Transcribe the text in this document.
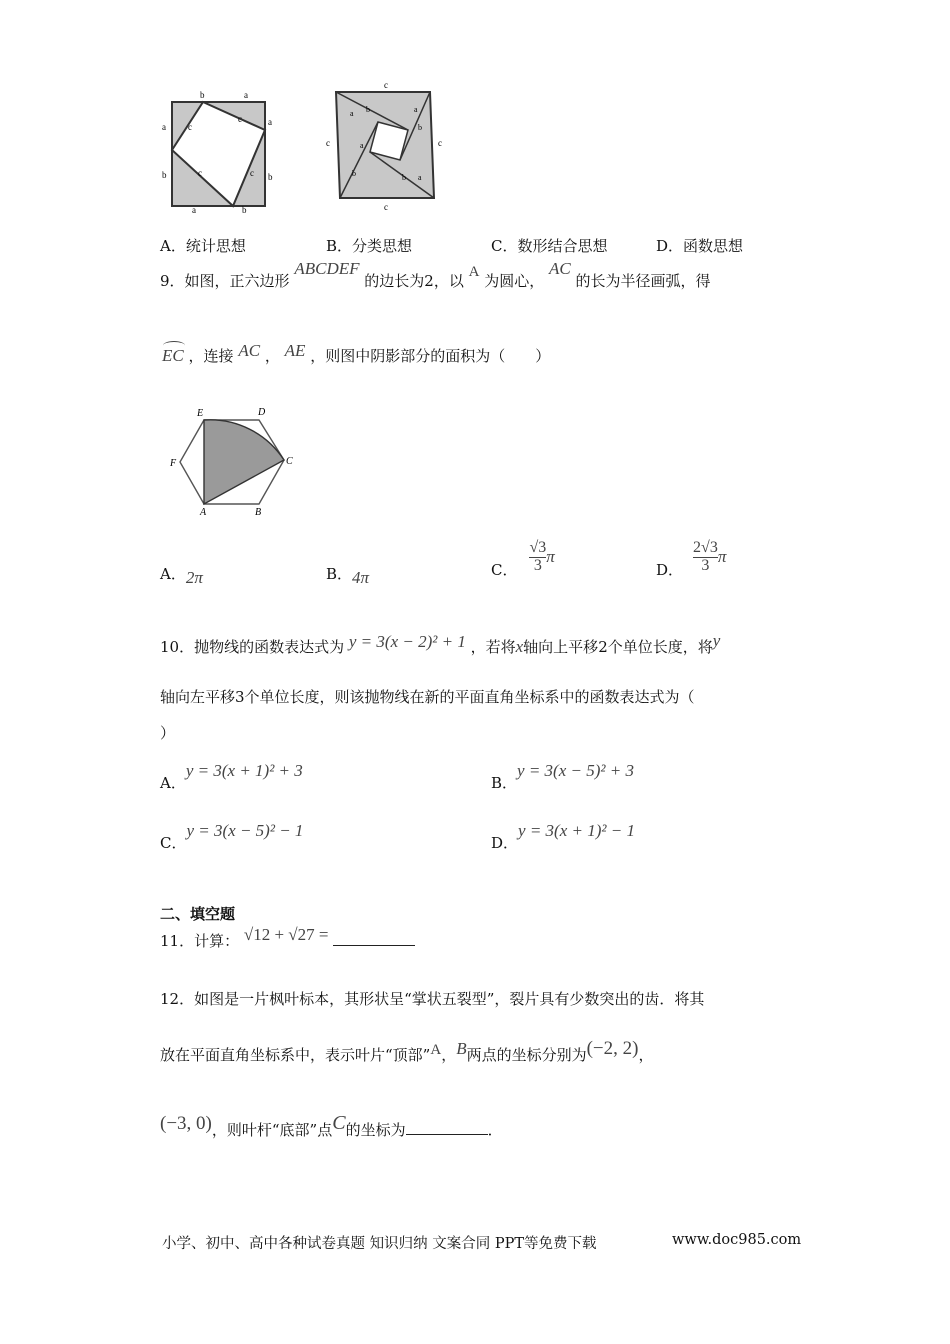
b	a
a
b
c
c
c	c
a
b
a	b
c
c	c
c
a b	a
b
a
b
b
a
A．统计思想	B．分类思想	C．数形结合思想	D．函数思想
9．如图，正六边形 ABCDEF 的边长为2，以 A 为圆心， AC 的长为半径画弧，得
EC ，连接 AC ， AE ，则图中阴影部分的面积为（　　）
E	D
F	C
A	B
A．2π	B．4π	C． $\frac{√3}{3}$ π
D． $\frac{2√3}{3}$ π
10．抛物线的函数表达式为 y = 3(x − 2)² + 1 ，若将x轴向上平移2个单位长度，将y
轴向左平移3个单位长度，则该抛物线在新的平面直角坐标系中的函数表达式为（
）
A．y = 3(x + 1)² + 3
B．y = 3(x − 5)² + 3
C．y = 3(x − 5)² − 1
D．y = 3(x + 1)² − 1
二、填空题
11．计算： √12 + √27 =
12．如图是一片枫叶标本，其形状呈“掌状五裂型”，裂片具有少数突出的齿．将其
放在平面直角坐标系中，表示叶片“顶部”A，B两点的坐标分别为(−2, 2)，
(−3, 0)，则叶杆“底部”点C的坐标为	．
小学、初中、高中各种试卷真题 知识归纳 文案合同 PPT等免费下载	www.doc985.com
